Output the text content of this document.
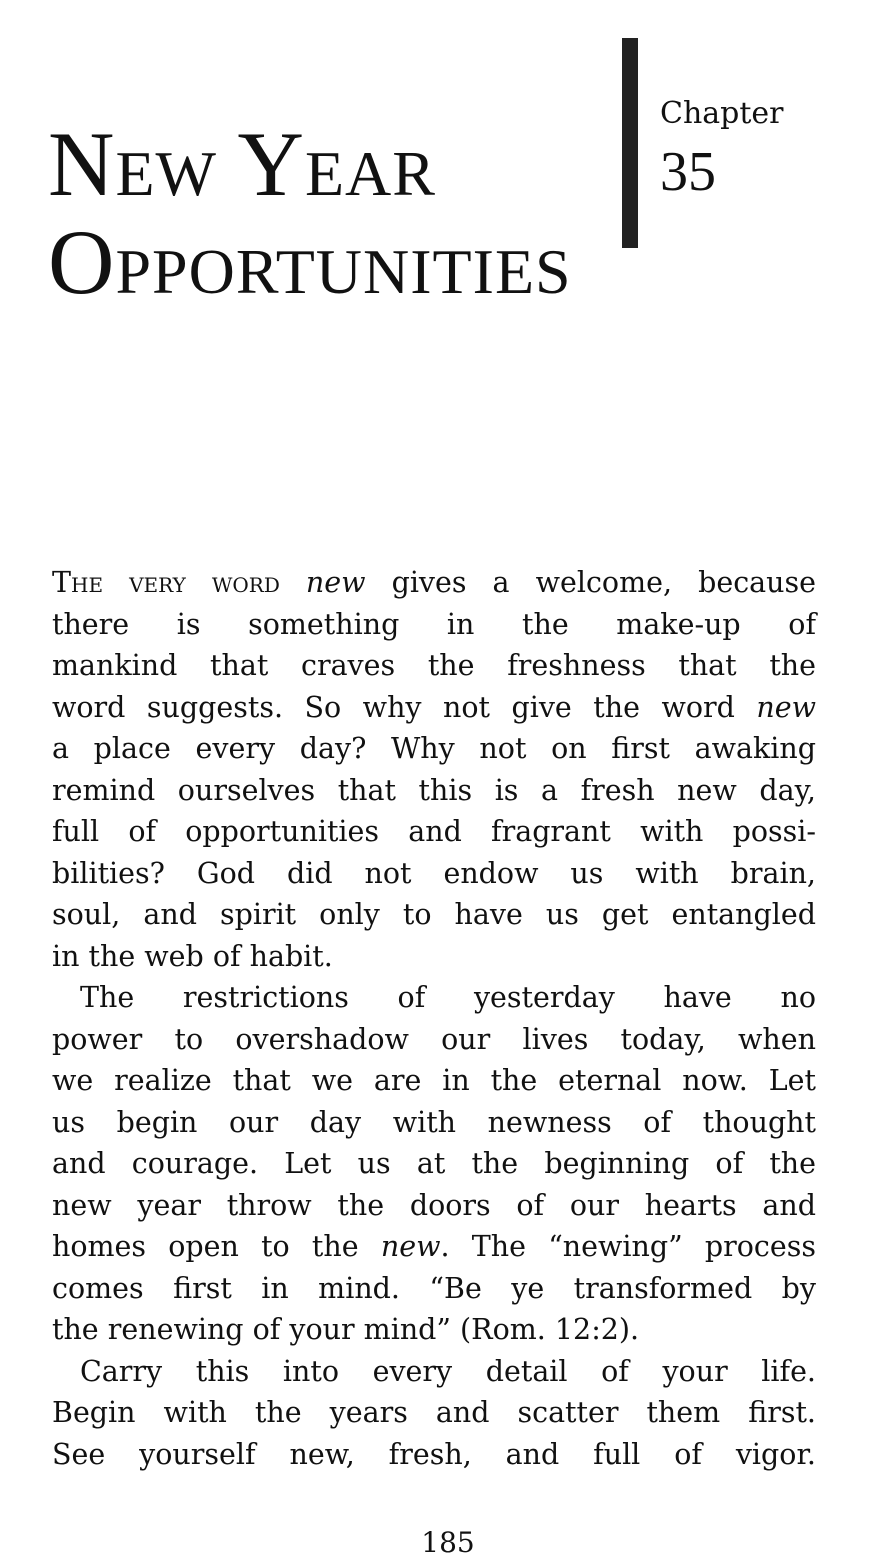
New Year
Opportunities
Chapter
35
The very word new gives a welcome, because
there is something in the make-up of
mankind that craves the freshness that the
word suggests. So why not give the word new
a place every day? Why not on first awaking
remind ourselves that this is a fresh new day,
full of opportunities and fragrant with possi-
bilities? God did not endow us with brain,
soul, and spirit only to have us get entangled
in the web of habit.
The restrictions of yesterday have no
power to overshadow our lives today, when
we realize that we are in the eternal now. Let
us begin our day with newness of thought
and courage. Let us at the beginning of the
new year throw the doors of our hearts and
homes open to the new. The “newing” process
comes first in mind. “Be ye transformed by
the renewing of your mind” (Rom. 12:2).
Carry this into every detail of your life.
Begin with the years and scatter them first.
See yourself new, fresh, and full of vigor.
185
